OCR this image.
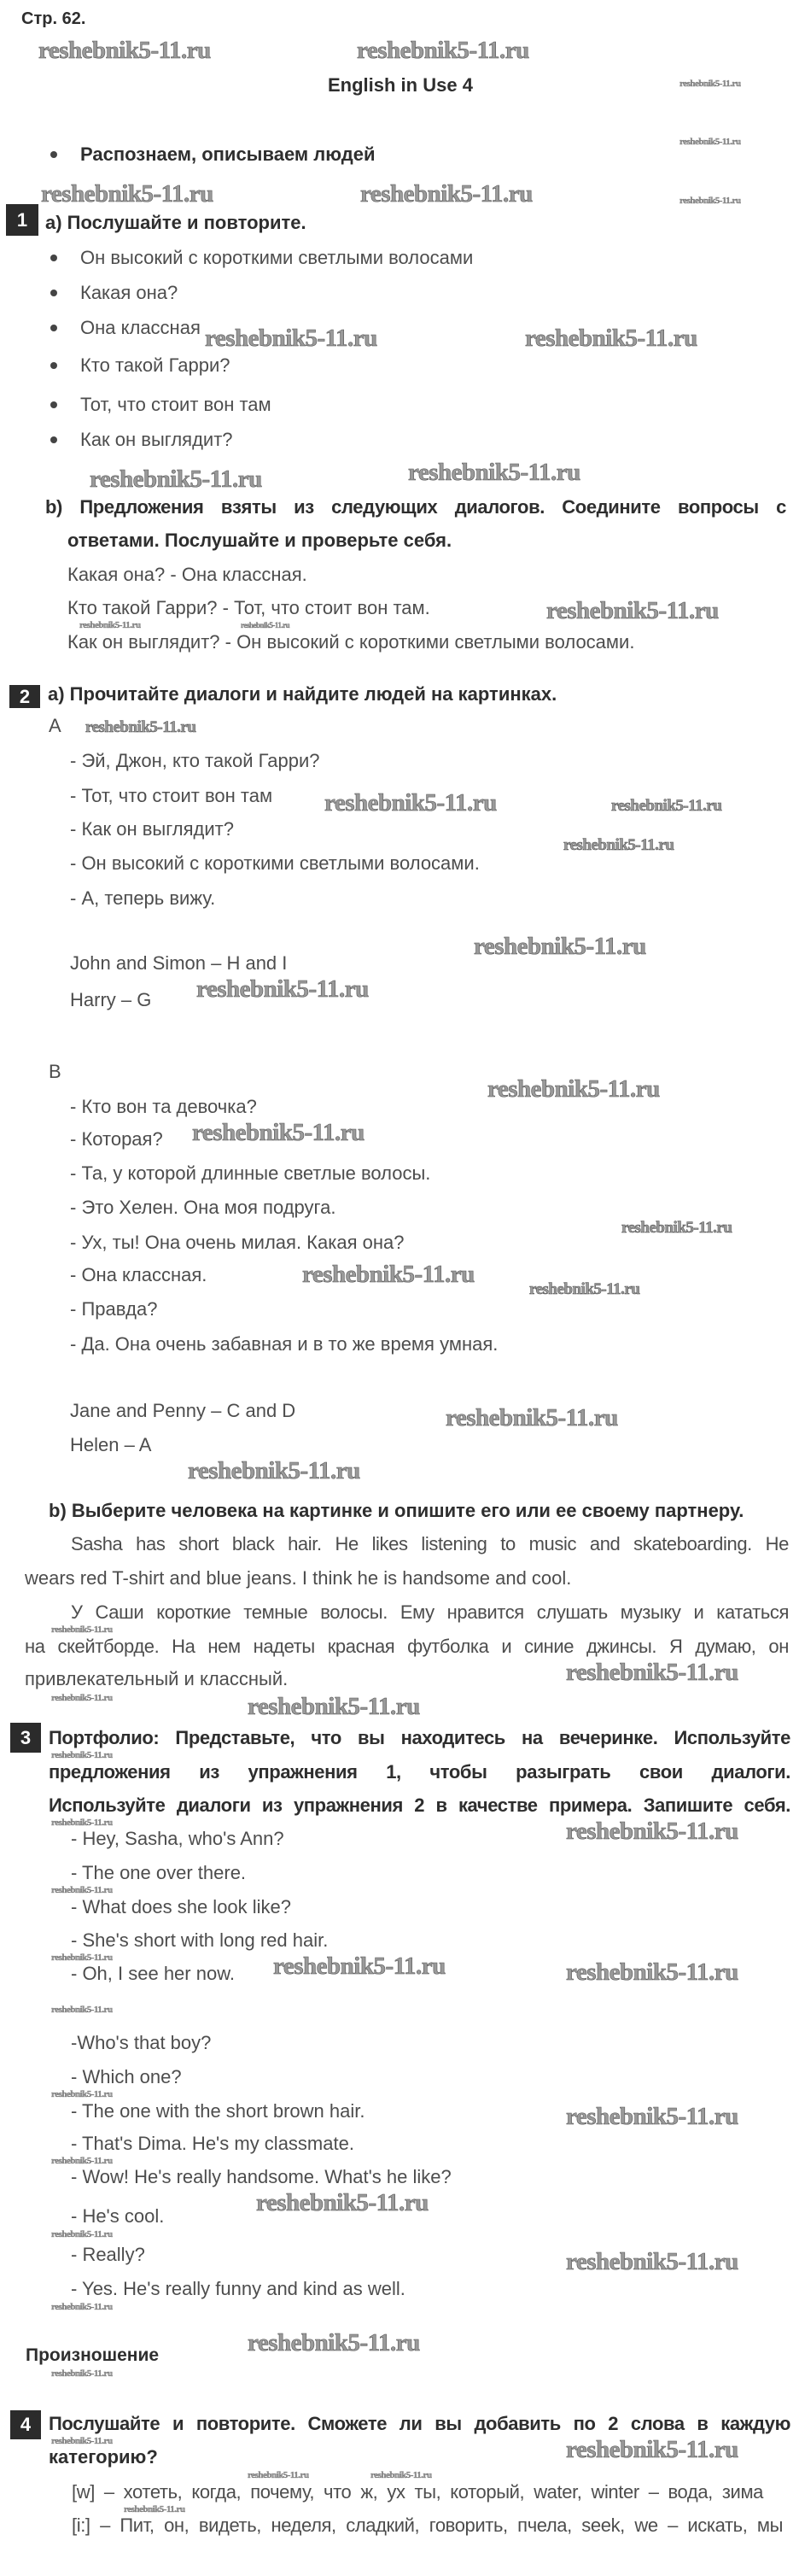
Стр. 62.
English in Use 4
Распознаем, описываем людей
1 а) Послушайте и повторите.
Он высокий с короткими светлыми волосами
Какая она?
Она классная
Кто такой Гарри?
Тот, что стоит вон там
Как он выглядит?
b) Предложения взяты из следующих диалогов. Соедините вопросы с
ответами. Послушайте и проверьте себя.
Какая она? - Она классная.
Кто такой Гарри? - Тот, что стоит вон там.
Как он выглядит? - Он высокий с короткими светлыми волосами.
2 а) Прочитайте диалоги и найдите людей на картинках.
A
- Эй, Джон, кто такой Гарри?
- Тот, что стоит вон там
- Как он выглядит?
- Он высокий с короткими светлыми волосами.
- А, теперь вижу.
John and Simon – H and I
Harry – G
B
- Кто вон та девочка?
- Которая?
- Та, у которой длинные светлые волосы.
- Это Хелен. Она моя подруга.
- Ух, ты! Она очень милая. Какая она?
- Она классная.
- Правда?
- Да. Она очень забавная и в то же время умная.
Jane and Penny – C and D
Helen – A
b) Выберите человека на картинке и опишите его или ее своему партнеру.
Sasha has short black hair. He likes listening to music and skateboarding. He
wears red T-shirt and blue jeans. I think he is handsome and cool.
У Саши короткие темные волосы. Ему нравится слушать музыку и кататься
на скейтборде. На нем надеты красная футболка и синие джинсы. Я думаю, он
привлекательный и классный.
3 Портфолио: Представьте, что вы находитесь на вечеринке. Используйте
предложения из упражнения 1, чтобы разыграть свои диалоги.
Используйте диалоги из упражнения 2 в качестве примера. Запишите себя.
- Hey, Sasha, who's Ann?
- The one over there.
- What does she look like?
- She's short with long red hair.
- Oh, I see her now.
-Who's that boy?
- Which one?
- The one with the short brown hair.
- That's Dima. He's my classmate.
- Wow! He's really handsome. What's he like?
- He's cool.
- Really?
- Yes. He's really funny and kind as well.
Произношение
4 Послушайте и повторите. Сможете ли вы добавить по 2 слова в каждую
категорию?
[w] – хотеть, когда, почему, что ж, ух ты, который, water, winter – вода, зима
[i:] – Пит, он, видеть, неделя, сладкий, говорить, пчела, seek, we – искать, мы
reshebnik5-11.ru	reshebnik5-11.ru
reshebnik5-11.ru
reshebnik5-11.ru
reshebnik5-11.ru	reshebnik5-11.ru	reshebnik5-11.ru
reshebnik5-11.ru	reshebnik5-11.ru
reshebnik5-11.ru
reshebnik5-11.ru
reshebnik5-11.ru	reshebnik5-11.ru
reshebnik5-11.ru
reshebnik5-11.ru
reshebnik5-11.ru	reshebnik5-11.ru
reshebnik5-11.ru
reshebnik5-11.ru
reshebnik5-11.ru
reshebnik5-11.ru
reshebnik5-11.ru
reshebnik5-11.ru
reshebnik5-11.ru
reshebnik5-11.ru
reshebnik5-11.ru
reshebnik5-11.ru
reshebnik5-11.ru
reshebnik5-11.ru
reshebnik5-11.ru	reshebnik5-11.ru
reshebnik5-11.ru
reshebnik5-11.ru	reshebnik5-11.ru
reshebnik5-11.ru
reshebnik5-11.ru	reshebnik5-11.ru	reshebnik5-11.ru
reshebnik5-11.ru
reshebnik5-11.ru
reshebnik5-11.ru
reshebnik5-11.ru
reshebnik5-11.ru
reshebnik5-11.ru
reshebnik5-11.ru
reshebnik5-11.ru
reshebnik5-11.ru
reshebnik5-11.ru
reshebnik5-11.ru	reshebnik5-11.ru
reshebnik5-11.ru	reshebnik5-11.ru
reshebnik5-11.ru
